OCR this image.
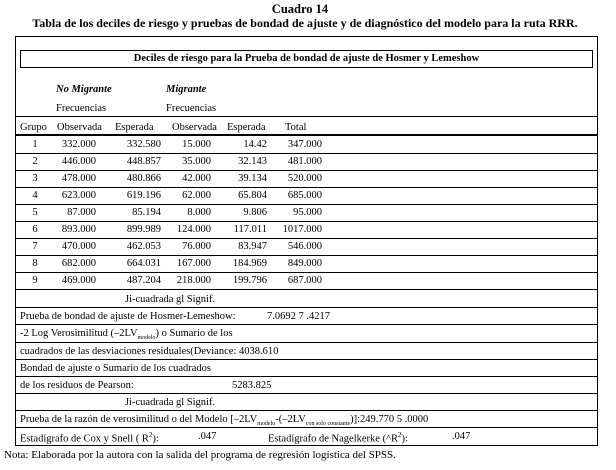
Cuadro 14
Tabla de los deciles de riesgo y pruebas de bondad de ajuste y de diagnóstico del modelo para la ruta RRR.
Deciles de riesgo para la Prueba de bondad de ajuste de Hosmer y Lemeshow
No Migrante	Migrante
Frecuencias	Frecuencias
Grupo Observada Esperada Observada Esperada Total
1	332.000	332.580	15.000	14.42	347.000
2	446.000	448.857	35.000	32.143	481.000
3	478.000	480.866	42.000	39.134	520.000
4	623.000	619.196	62.000	65.804	685.000
5	87.000	85.194	8.000	9.806	95.000
6	893.000	899.989	124.000	117.011	1017.000
7	470.000	462.053	76.000	83.947	546.000
8	682.000	664.031	167.000	184.969	849.000
9	469.000	487.204	218.000	199.796	687.000
Ji-cuadrada gl Signif.
Prueba de bondad de ajuste de Hosmer-Lemeshow:	7.0692 7 .4217
-2 Log Verosimilitud $(-2LV_{modelo})$ o Sumario de los
cuadrados de las desviaciones residuales(Deviance: 4038.610
Bondad de ajuste o Sumario de los cuadrados
de los residuos de Pearson:	5283.825
Ji-cuadrada gl Signif.
Prueba de la razón de verosimilitud o del Modelo $[-2LV_{modelo}-(-2LV_{con solo constante})]:249.770$ 5 .0000
Estadígrafo de Cox y Snell ( $R^2$):	.047	Estadígrafo de Nagelkerke $(\^{}R^2)$:	.047
Nota: Elaborada por la autora con la salida del programa de regresión logística del SPSS.
